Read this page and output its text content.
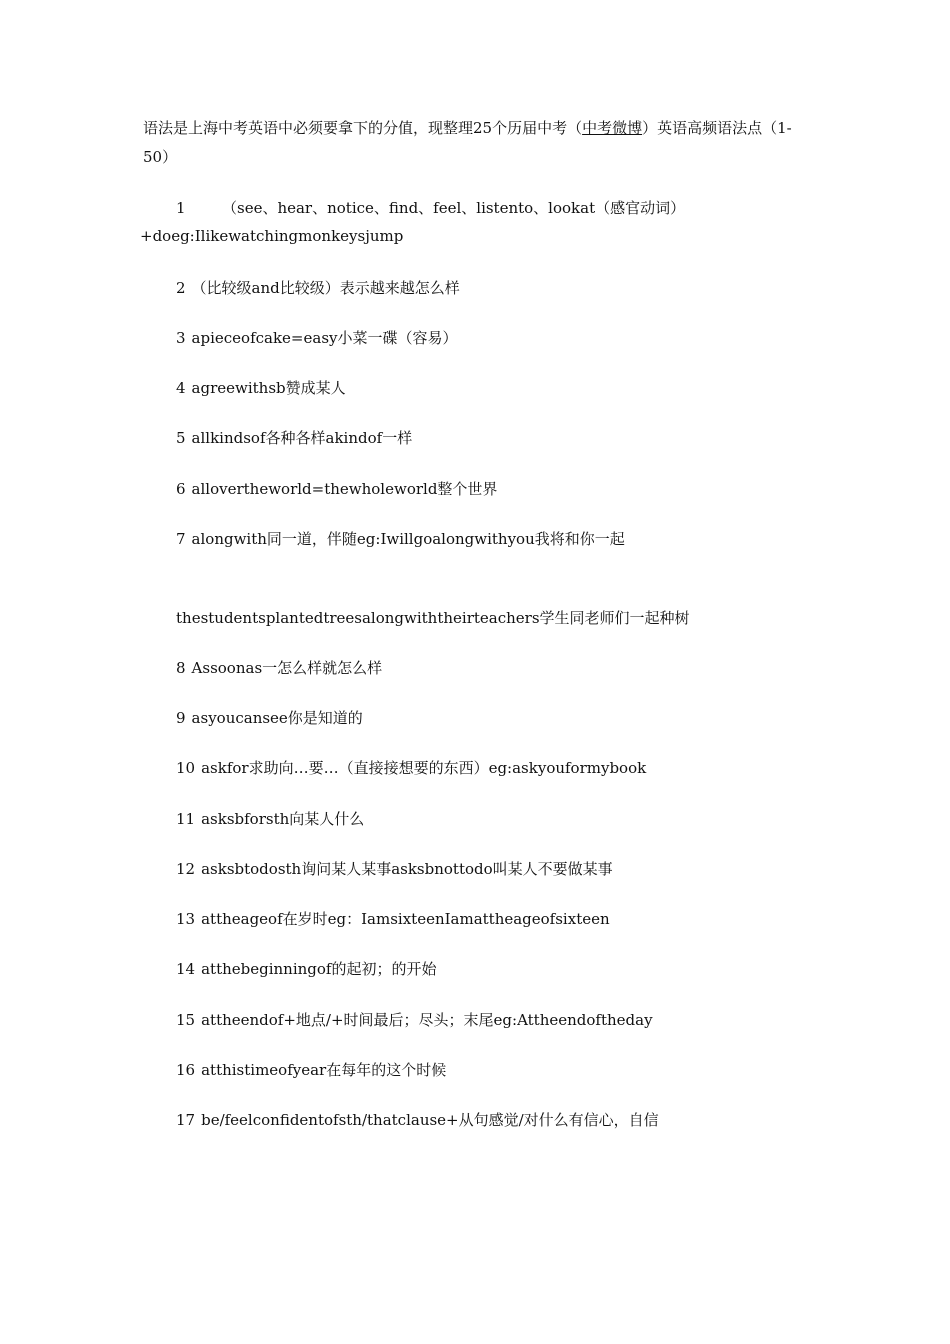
语法是上海中考英语中必须要拿下的分值，现整理25个历届中考（中考微博）英语高频语法点（1-50）

1 （see、hear、notice、find、feel、listento、lookat（感官动词）+doeg:Ilikewatchingmonkeysjump

2 （比较级and比较级）表示越来越怎么样
3 apieceofcake=easy小菜一碟（容易）
4 agreewithsb赞成某人
5 allkindsof各种各样akindof一样
6 allovertheworld=thewholeworld整个世界
7 alongwith同一道，伴随eg:Iwillgoalongwithyou我将和你一起
thestudentsplantedtreesalongwiththeirteachers学生同老师们一起种树
8 Assoonas一怎么样就怎么样
9 asyoucansee你是知道的
10 askfor求助向…要…（直接接想要的东西）eg:askyouformybook
11 asksbforsth向某人什么
12 asksbtodosth询问某人某事asksbnottodo叫某人不要做某事
13 attheageof在岁时eg：IamsixteenIamattheageofsixteen
14 atthebeginningof的起初；的开始
15 attheendof+地点/+时间最后；尽头；末尾eg:Attheendoftheday
16 atthistimeofyear在每年的这个时候
17 be/feelconfidentofsth/thatclause+从句感觉/对什么有信心，自信
